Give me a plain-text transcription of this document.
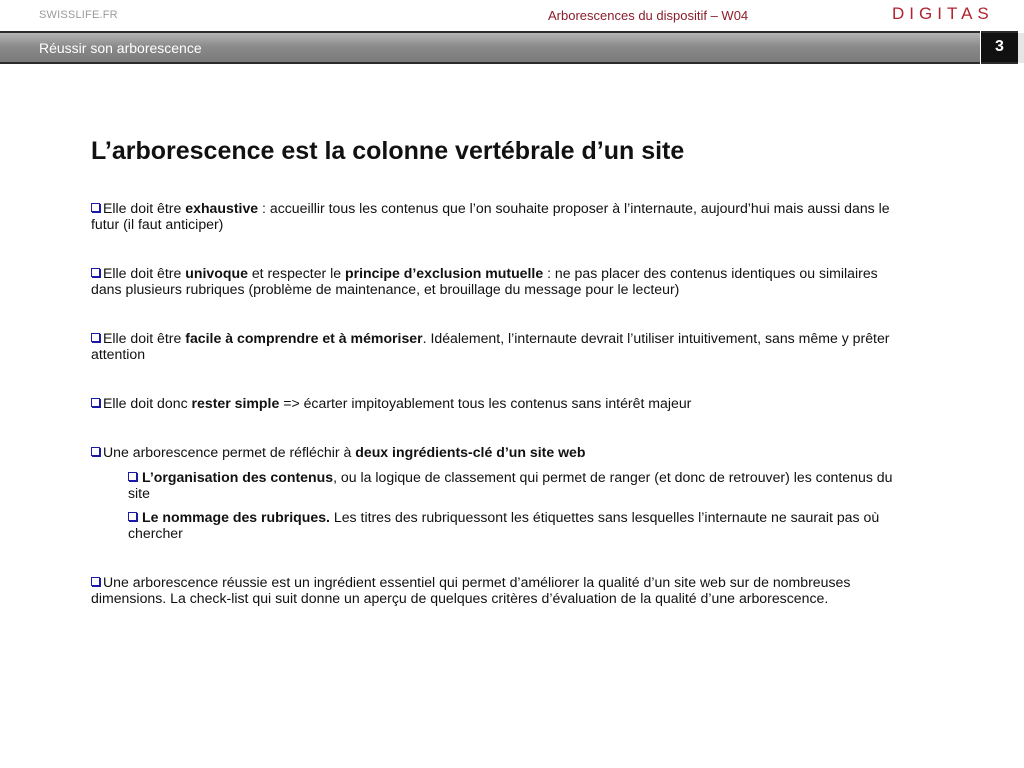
SWISSLIFE.FR	Arborescences du dispositif – W04	DIGITAS
Réussir son arborescence	3
L’arborescence est la colonne vertébrale d’un site
Elle doit être exhaustive : accueillir tous les contenus que l’on souhaite proposer à l’internaute, aujourd’hui mais aussi dans le futur (il faut anticiper)
Elle doit être univoque et respecter le principe d’exclusion mutuelle : ne pas placer des contenus identiques ou similaires dans plusieurs rubriques (problème de maintenance, et brouillage du message pour le lecteur)
Elle doit être facile à comprendre et à mémoriser. Idéalement, l’internaute devrait l’utiliser intuitivement, sans même y prêter attention
Elle doit donc rester simple => écarter impitoyablement tous les contenus sans intérêt majeur
Une arborescence permet de réfléchir à deux ingrédients-clé d’un site web
L’organisation des contenus, ou la logique de classement qui permet de ranger (et donc de retrouver) les contenus du site
Le nommage des rubriques. Les titres des rubriquessont les étiquettes sans lesquelles l’internaute ne saurait pas où chercher
Une arborescence réussie est un ingrédient essentiel qui permet d’améliorer la qualité d’un site web sur de nombreuses dimensions. La check-list qui suit donne un aperçu de quelques critères d’évaluation de la qualité d’une arborescence.
